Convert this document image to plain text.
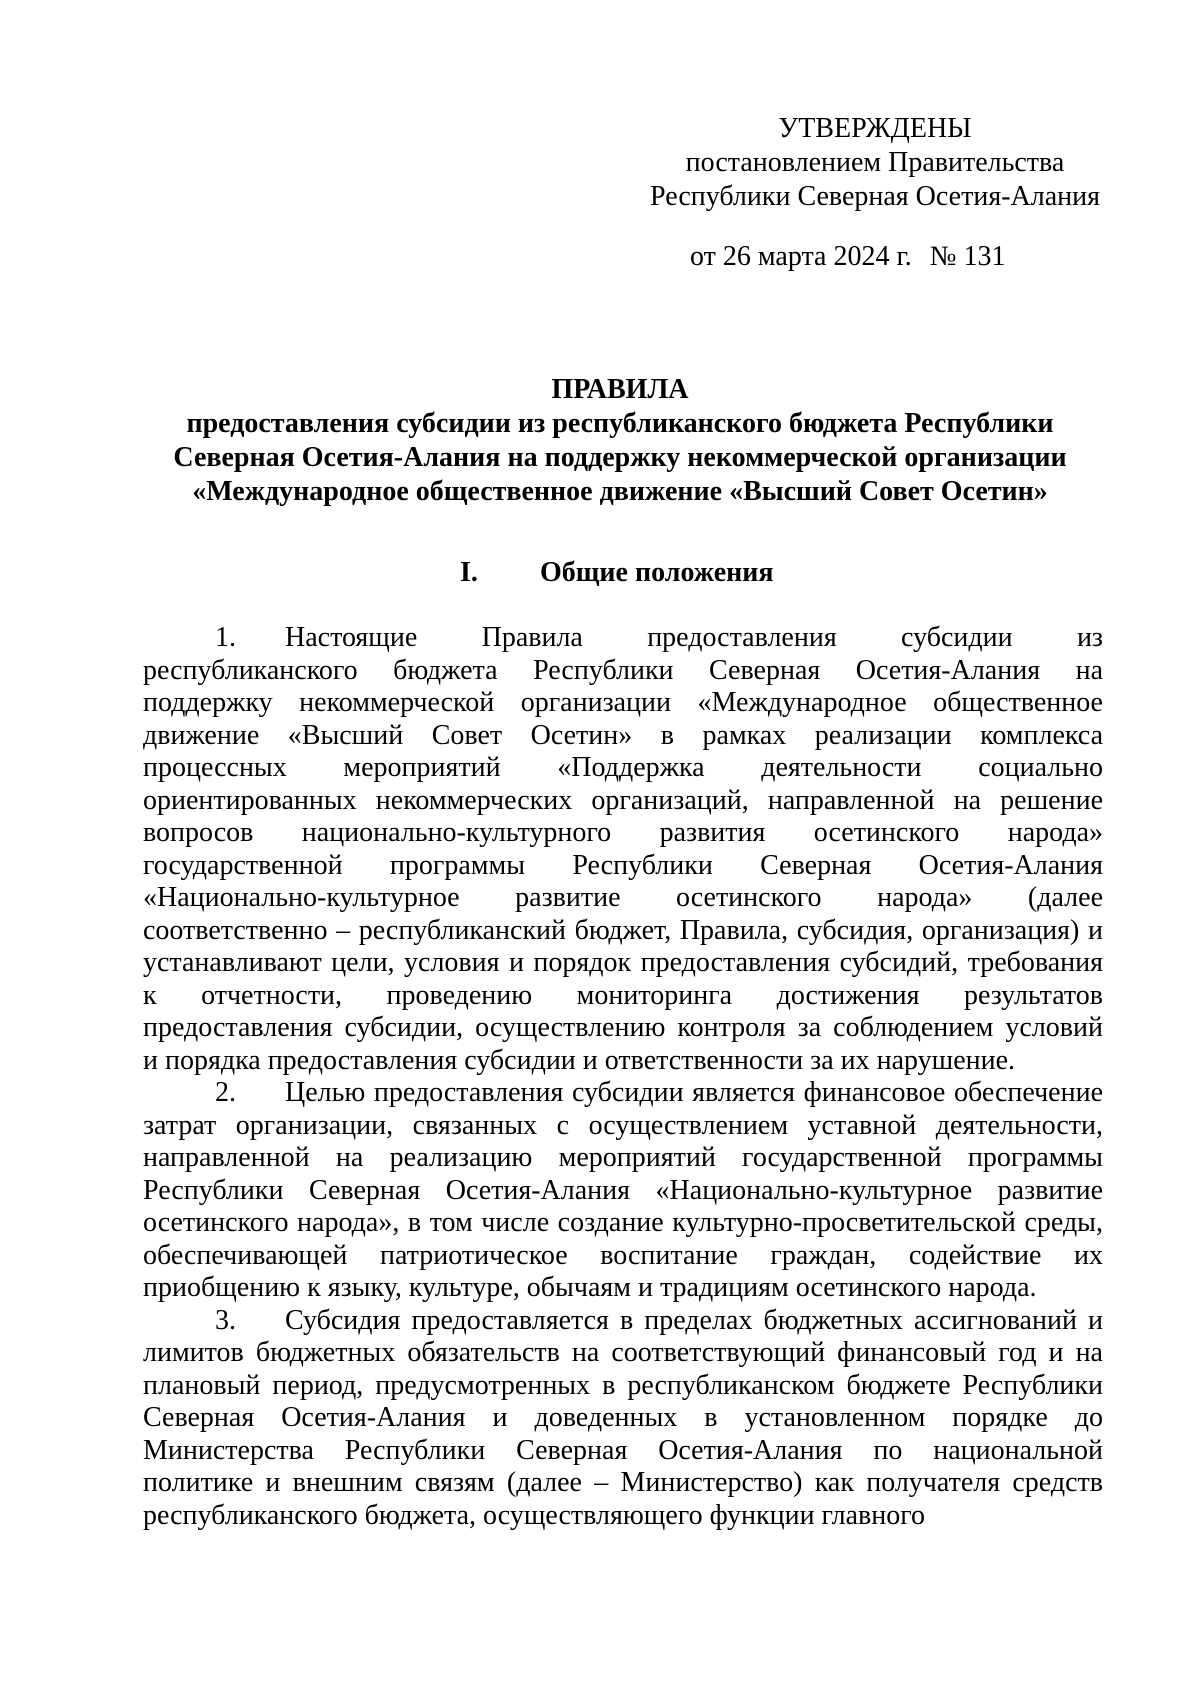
УТВЕРЖДЕНЫ
постановлением Правительства
Республики Северная Осетия-Алания
от 26 марта 2024 г. № 131
ПРАВИЛА
предоставления субсидии из республиканского бюджета Республики
Северная Осетия-Алания на поддержку некоммерческой организации
«Международное общественное движение «Высший Совет Осетин»
I. Общие положения
1.	Настоящие Правила предоставления субсидии из
республиканского бюджета Республики Северная Осетия-Алания на
поддержку некоммерческой организации «Международное общественное
движение «Высший Совет Осетин» в рамках реализации комплекса
процессных мероприятий «Поддержка деятельности социально
ориентированных некоммерческих организаций, направленной на решение
вопросов национально-культурного развития осетинского народа»
государственной программы Республики Северная Осетия-Алания
«Национально-культурное развитие осетинского народа» (далее
соответственно – республиканский бюджет, Правила, субсидия, организация) и
устанавливают цели, условия и порядок предоставления субсидий, требования
к отчетности, проведению мониторинга достижения результатов
предоставления субсидии, осуществлению контроля за соблюдением условий
и порядка предоставления субсидии и ответственности за их нарушение.
2.	Целью предоставления субсидии является финансовое обеспечение
затрат организации, связанных с осуществлением уставной деятельности,
направленной на реализацию мероприятий государственной программы
Республики Северная Осетия-Алания «Национально-культурное развитие
осетинского народа», в том числе создание культурно-просветительской среды,
обеспечивающей патриотическое воспитание граждан, содействие их
приобщению к языку, культуре, обычаям и традициям осетинского народа.
3.	Субсидия предоставляется в пределах бюджетных ассигнований и
лимитов бюджетных обязательств на соответствующий финансовый год и на
плановый период, предусмотренных в республиканском бюджете Республики
Северная Осетия-Алания и доведенных в установленном порядке до
Министерства Республики Северная Осетия-Алания по национальной
политике и внешним связям (далее – Министерство) как получателя средств
республиканского бюджета, осуществляющего функции главного
